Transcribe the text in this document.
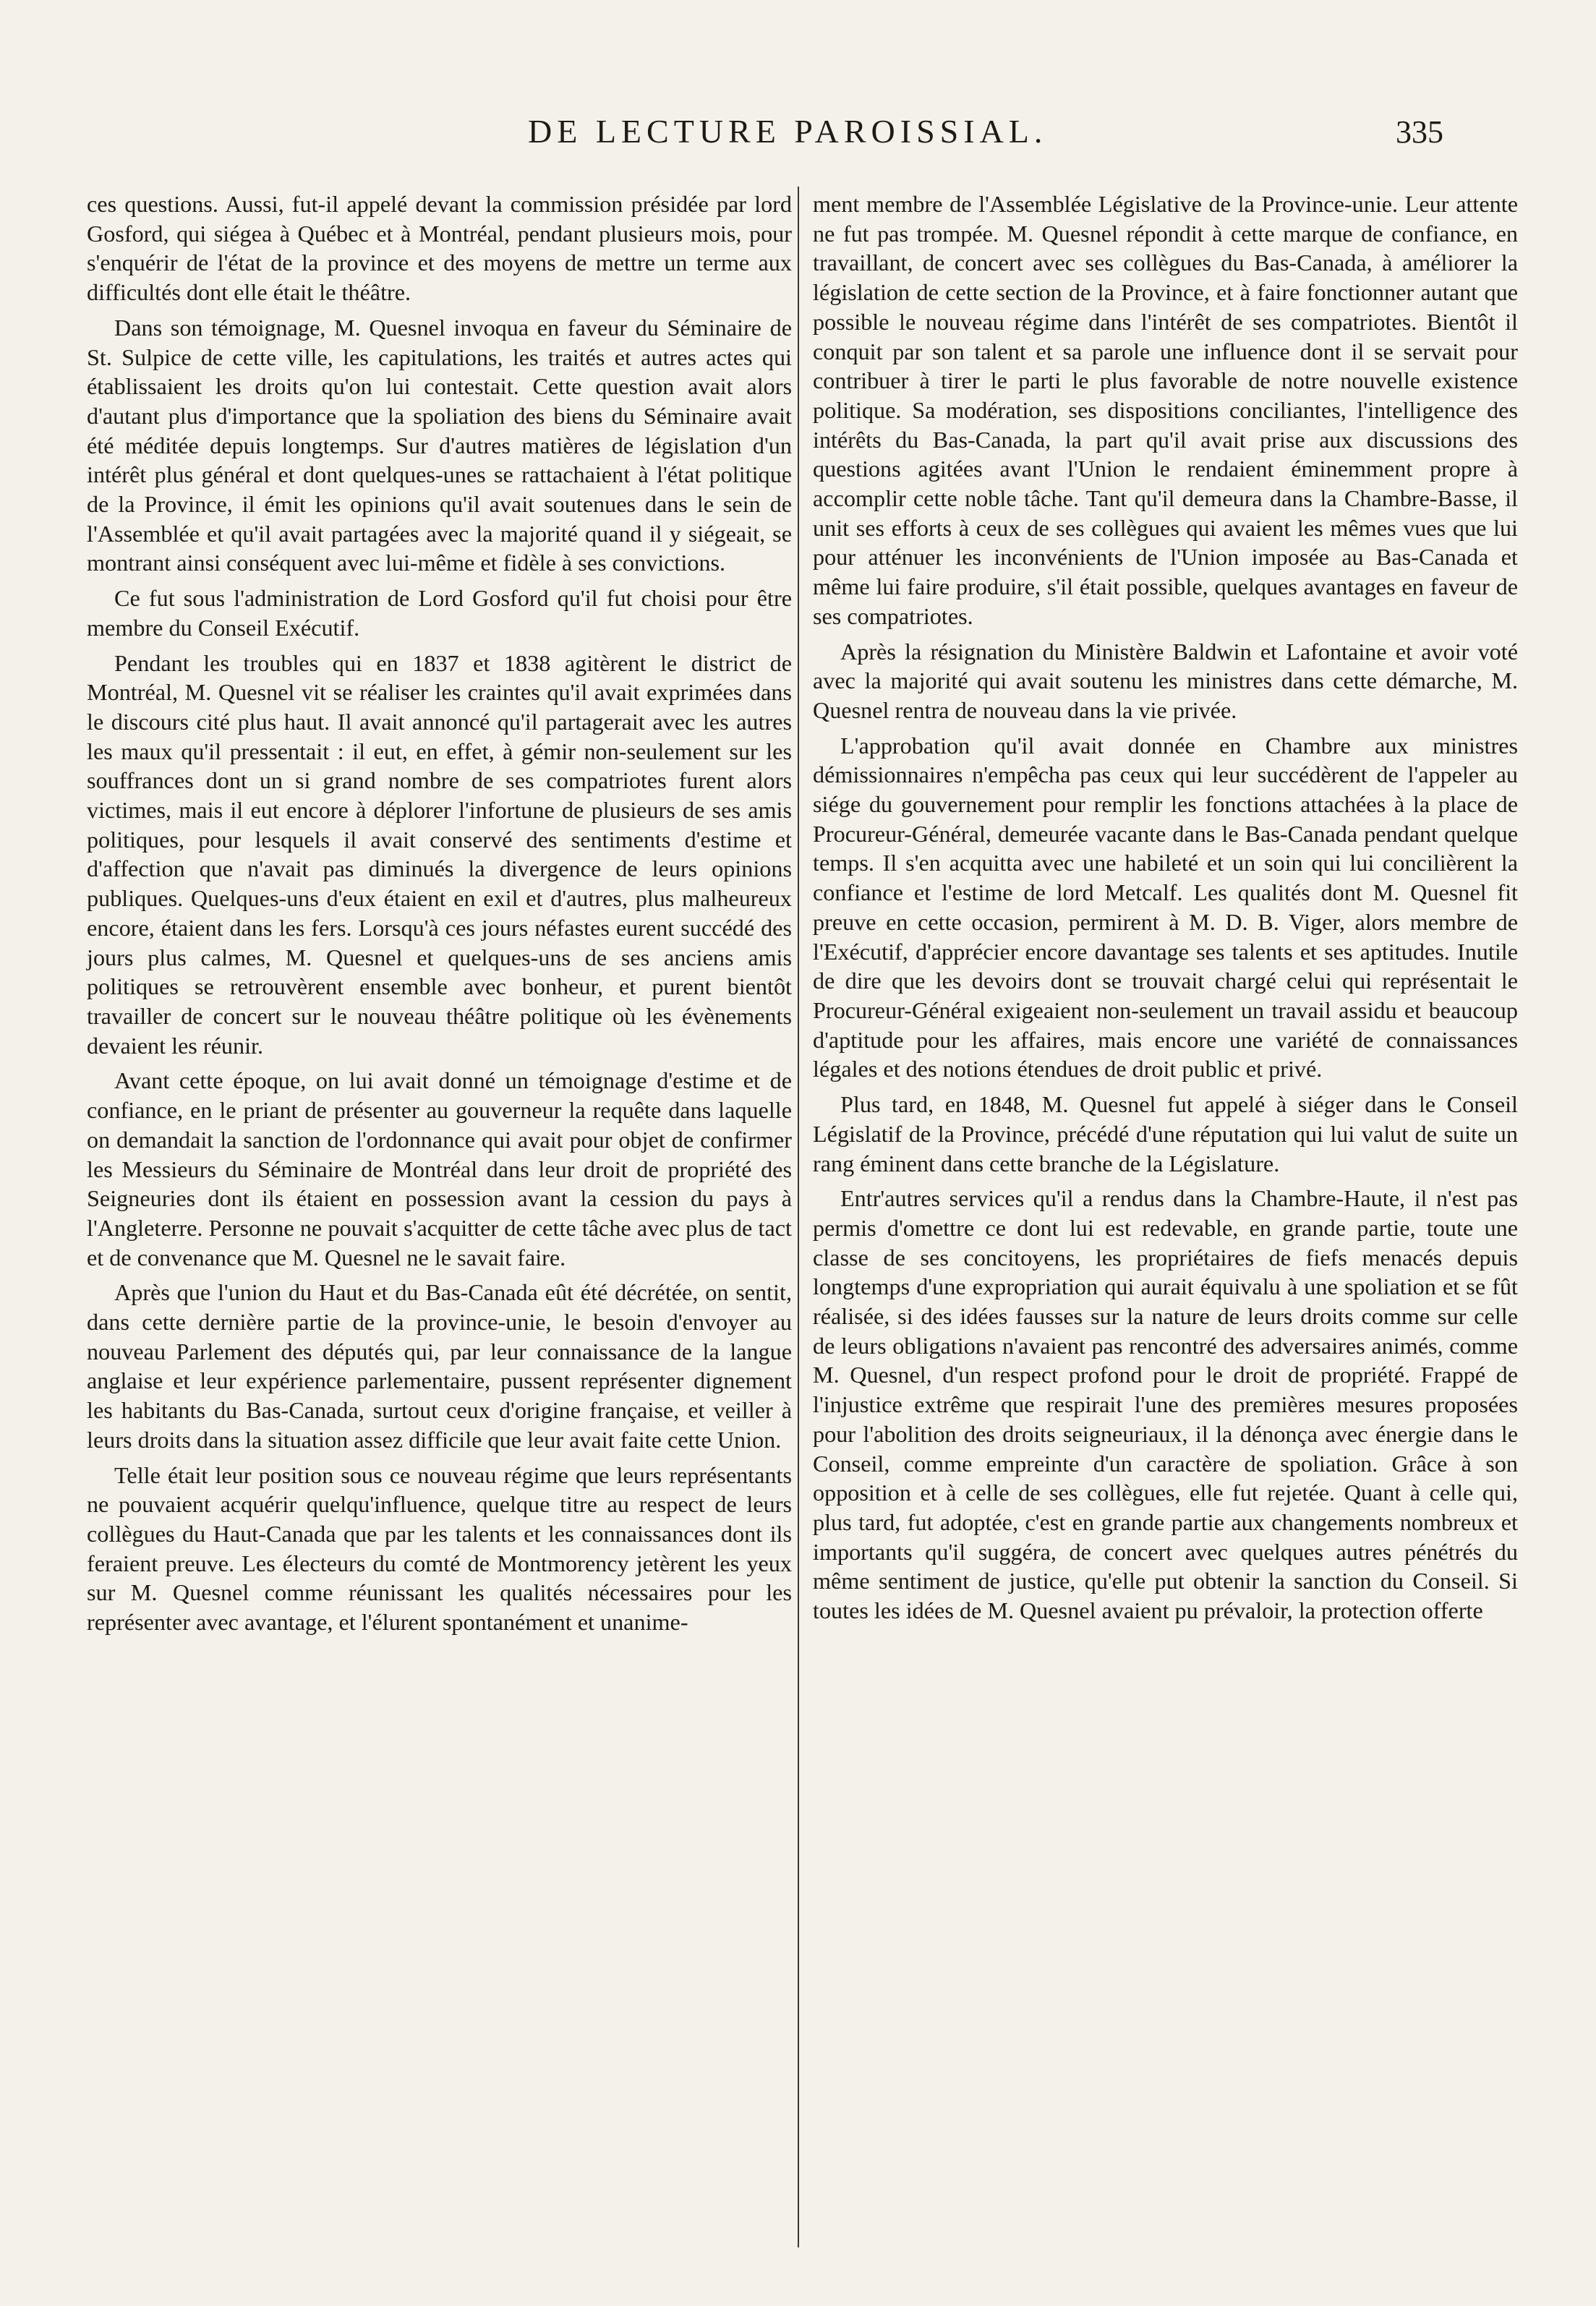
DE LECTURE PAROISSIAL.	335

ces questions. Aussi, fut-il appelé devant la commission présidée par lord Gosford, qui siégea à Québec et à Montréal, pendant plusieurs mois, pour s'enquérir de l'état de la province et des moyens de mettre un terme aux difficultés dont elle était le théâtre.

Dans son témoignage, M. Quesnel invoqua en faveur du Séminaire de St. Sulpice de cette ville, les capitulations, les traités et autres actes qui établissaient les droits qu'on lui contestait. Cette question avait alors d'autant plus d'importance que la spoliation des biens du Séminaire avait été méditée depuis longtemps. Sur d'autres matières de législation d'un intérêt plus général et dont quelques-unes se rattachaient à l'état politique de la Province, il émit les opinions qu'il avait soutenues dans le sein de l'Assemblée et qu'il avait partagées avec la majorité quand il y siégeait, se montrant ainsi conséquent avec lui-même et fidèle à ses convictions.

Ce fut sous l'administration de Lord Gosford qu'il fut choisi pour être membre du Conseil Exécutif.

Pendant les troubles qui en 1837 et 1838 agitèrent le district de Montréal, M. Quesnel vit se réaliser les craintes qu'il avait exprimées dans le discours cité plus haut. Il avait annoncé qu'il partagerait avec les autres les maux qu'il pressentait : il eut, en effet, à gémir non-seulement sur les souffrances dont un si grand nombre de ses compatriotes furent alors victimes, mais il eut encore à déplorer l'infortune de plusieurs de ses amis politiques, pour lesquels il avait conservé des sentiments d'estime et d'affection que n'avait pas diminués la divergence de leurs opinions publiques. Quelques-uns d'eux étaient en exil et d'autres, plus malheureux encore, étaient dans les fers. Lorsqu'à ces jours néfastes eurent succédé des jours plus calmes, M. Quesnel et quelques-uns de ses anciens amis politiques se retrouvèrent ensemble avec bonheur, et purent bientôt travailler de concert sur le nouveau théâtre politique où les évènements devaient les réunir.

Avant cette époque, on lui avait donné un témoignage d'estime et de confiance, en le priant de présenter au gouverneur la requête dans laquelle on demandait la sanction de l'ordonnance qui avait pour objet de confirmer les Messieurs du Séminaire de Montréal dans leur droit de propriété des Seigneuries dont ils étaient en possession avant la cession du pays à l'Angleterre. Personne ne pouvait s'acquitter de cette tâche avec plus de tact et de convenance que M. Quesnel ne le savait faire.

Après que l'union du Haut et du Bas-Canada eût été décrétée, on sentit, dans cette dernière partie de la province-unie, le besoin d'envoyer au nouveau Parlement des députés qui, par leur connaissance de la langue anglaise et leur expérience parlementaire, pussent représenter dignement les habitants du Bas-Canada, surtout ceux d'origine française, et veiller à leurs droits dans la situation assez difficile que leur avait faite cette Union.

Telle était leur position sous ce nouveau régime que leurs représentants ne pouvaient acquérir quelqu'influence, quelque titre au respect de leurs collègues du Haut-Canada que par les talents et les connaissances dont ils feraient preuve. Les électeurs du comté de Montmorency jetèrent les yeux sur M. Quesnel comme réunissant les qualités nécessaires pour les représenter avec avantage, et l'élurent spontanément et unanime-

ment membre de l'Assemblée Législative de la Province-unie. Leur attente ne fut pas trompée. M. Quesnel répondit à cette marque de confiance, en travaillant, de concert avec ses collègues du Bas-Canada, à améliorer la législation de cette section de la Province, et à faire fonctionner autant que possible le nouveau régime dans l'intérêt de ses compatriotes. Bientôt il conquit par son talent et sa parole une influence dont il se servait pour contribuer à tirer le parti le plus favorable de notre nouvelle existence politique. Sa modération, ses dispositions conciliantes, l'intelligence des intérêts du Bas-Canada, la part qu'il avait prise aux discussions des questions agitées avant l'Union le rendaient éminemment propre à accomplir cette noble tâche. Tant qu'il demeura dans la Chambre-Basse, il unit ses efforts à ceux de ses collègues qui avaient les mêmes vues que lui pour atténuer les inconvénients de l'Union imposée au Bas-Canada et même lui faire produire, s'il était possible, quelques avantages en faveur de ses compatriotes.

Après la résignation du Ministère Baldwin et Lafontaine et avoir voté avec la majorité qui avait soutenu les ministres dans cette démarche, M. Quesnel rentra de nouveau dans la vie privée.

L'approbation qu'il avait donnée en Chambre aux ministres démissionnaires n'empêcha pas ceux qui leur succédèrent de l'appeler au siége du gouvernement pour remplir les fonctions attachées à la place de Procureur-Général, demeurée vacante dans le Bas-Canada pendant quelque temps. Il s'en acquitta avec une habileté et un soin qui lui concilièrent la confiance et l'estime de lord Metcalf. Les qualités dont M. Quesnel fit preuve en cette occasion, permirent à M. D. B. Viger, alors membre de l'Exécutif, d'apprécier encore davantage ses talents et ses aptitudes. Inutile de dire que les devoirs dont se trouvait chargé celui qui représentait le Procureur-Général exigeaient non-seulement un travail assidu et beaucoup d'aptitude pour les affaires, mais encore une variété de connaissances légales et des notions étendues de droit public et privé.

Plus tard, en 1848, M. Quesnel fut appelé à siéger dans le Conseil Législatif de la Province, précédé d'une réputation qui lui valut de suite un rang éminent dans cette branche de la Législature.

Entr'autres services qu'il a rendus dans la Chambre-Haute, il n'est pas permis d'omettre ce dont lui est redevable, en grande partie, toute une classe de ses concitoyens, les propriétaires de fiefs menacés depuis longtemps d'une expropriation qui aurait équivalu à une spoliation et se fût réalisée, si des idées fausses sur la nature de leurs droits comme sur celle de leurs obligations n'avaient pas rencontré des adversaires animés, comme M. Quesnel, d'un respect profond pour le droit de propriété. Frappé de l'injustice extrême que respirait l'une des premières mesures proposées pour l'abolition des droits seigneuriaux, il la dénonça avec énergie dans le Conseil, comme empreinte d'un caractère de spoliation. Grâce à son opposition et à celle de ses collègues, elle fut rejetée. Quant à celle qui, plus tard, fut adoptée, c'est en grande partie aux changements nombreux et importants qu'il suggéra, de concert avec quelques autres pénétrés du même sentiment de justice, qu'elle put obtenir la sanction du Conseil. Si toutes les idées de M. Quesnel avaient pu prévaloir, la protection offerte
